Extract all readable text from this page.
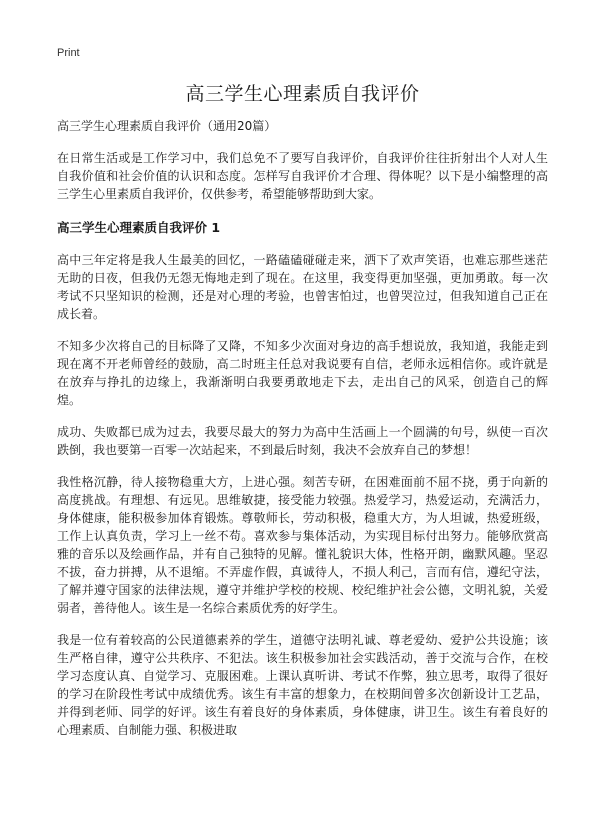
Print
高三学生心理素质自我评价
高三学生心理素质自我评价（通用20篇）

在日常生活或是工作学习中，我们总免不了要写自我评价，自我评价往往折射出个人对人生自我价值和社会价值的认识和态度。怎样写自我评价才合理、得体呢？以下是小编整理的高三学生心里素质自我评价，仅供参考，希望能够帮助到大家。

高三学生心理素质自我评价 1

高中三年定将是我人生最美的回忆，一路磕磕碰碰走来，洒下了欢声笑语，也难忘那些迷茫无助的日夜，但我仍无怨无悔地走到了现在。在这里，我变得更加坚强，更加勇敢。每一次考试不只坚知识的检测，还是对心理的考验，也曾害怕过，也曾哭泣过，但我知道自己正在成长着。

不知多少次将自己的目标降了又降，不知多少次面对身边的高手想说放，我知道，我能走到现在离不开老师曾经的鼓励，高二时班主任总对我说要有自信，老师永远相信你。或许就是在放弃与挣扎的边缘上，我渐渐明白我要勇敢地走下去，走出自己的风采，创造自己的辉煌。

成功、失败都已成为过去，我要尽最大的努力为高中生活画上一个圆满的句号，纵使一百次跌倒，我也要第一百零一次站起来，不到最后时刻，我决不会放弃自己的梦想！

我性格沉静，待人接物稳重大方，上进心强。刻苦专研，在困难面前不屈不挠，勇于向新的高度挑战。有理想、有远见。思维敏捷，接受能力较强。热爱学习，热爱运动，充满活力，身体健康，能积极参加体育锻炼。尊敬师长，劳动积极，稳重大方，为人坦诚，热爱班级，工作上认真负责，学习上一丝不苟。喜欢参与集体活动，为实现目标付出努力。能够欣赏高雅的音乐以及绘画作品，并有自己独特的见解。懂礼貌识大体，性格开朗，幽默风趣。坚忍不拔，奋力拼搏，从不退缩。不弄虚作假，真诚待人，不损人利己，言而有信，遵纪守法，了解并遵守国家的法律法规，遵守并维护学校的校规、校纪维护社会公德，文明礼貌，关爱弱者，善待他人。该生是一名综合素质优秀的好学生。

我是一位有着较高的公民道德素养的学生，道德守法明礼诚、尊老爱幼、爱护公共设施；该生严格自律，遵守公共秩序、不犯法。该生积极参加社会实践活动，善于交流与合作，在校学习态度认真、自觉学习、克服困难。上课认真听讲、考试不作弊，独立思考，取得了很好的学习在阶段性考试中成绩优秀。该生有丰富的想象力，在校期间曾多次创新设计工艺品，并得到老师、同学的好评。该生有着良好的身体素质，身体健康，讲卫生。该生有着良好的心理素质、自制能力强、积极进取
